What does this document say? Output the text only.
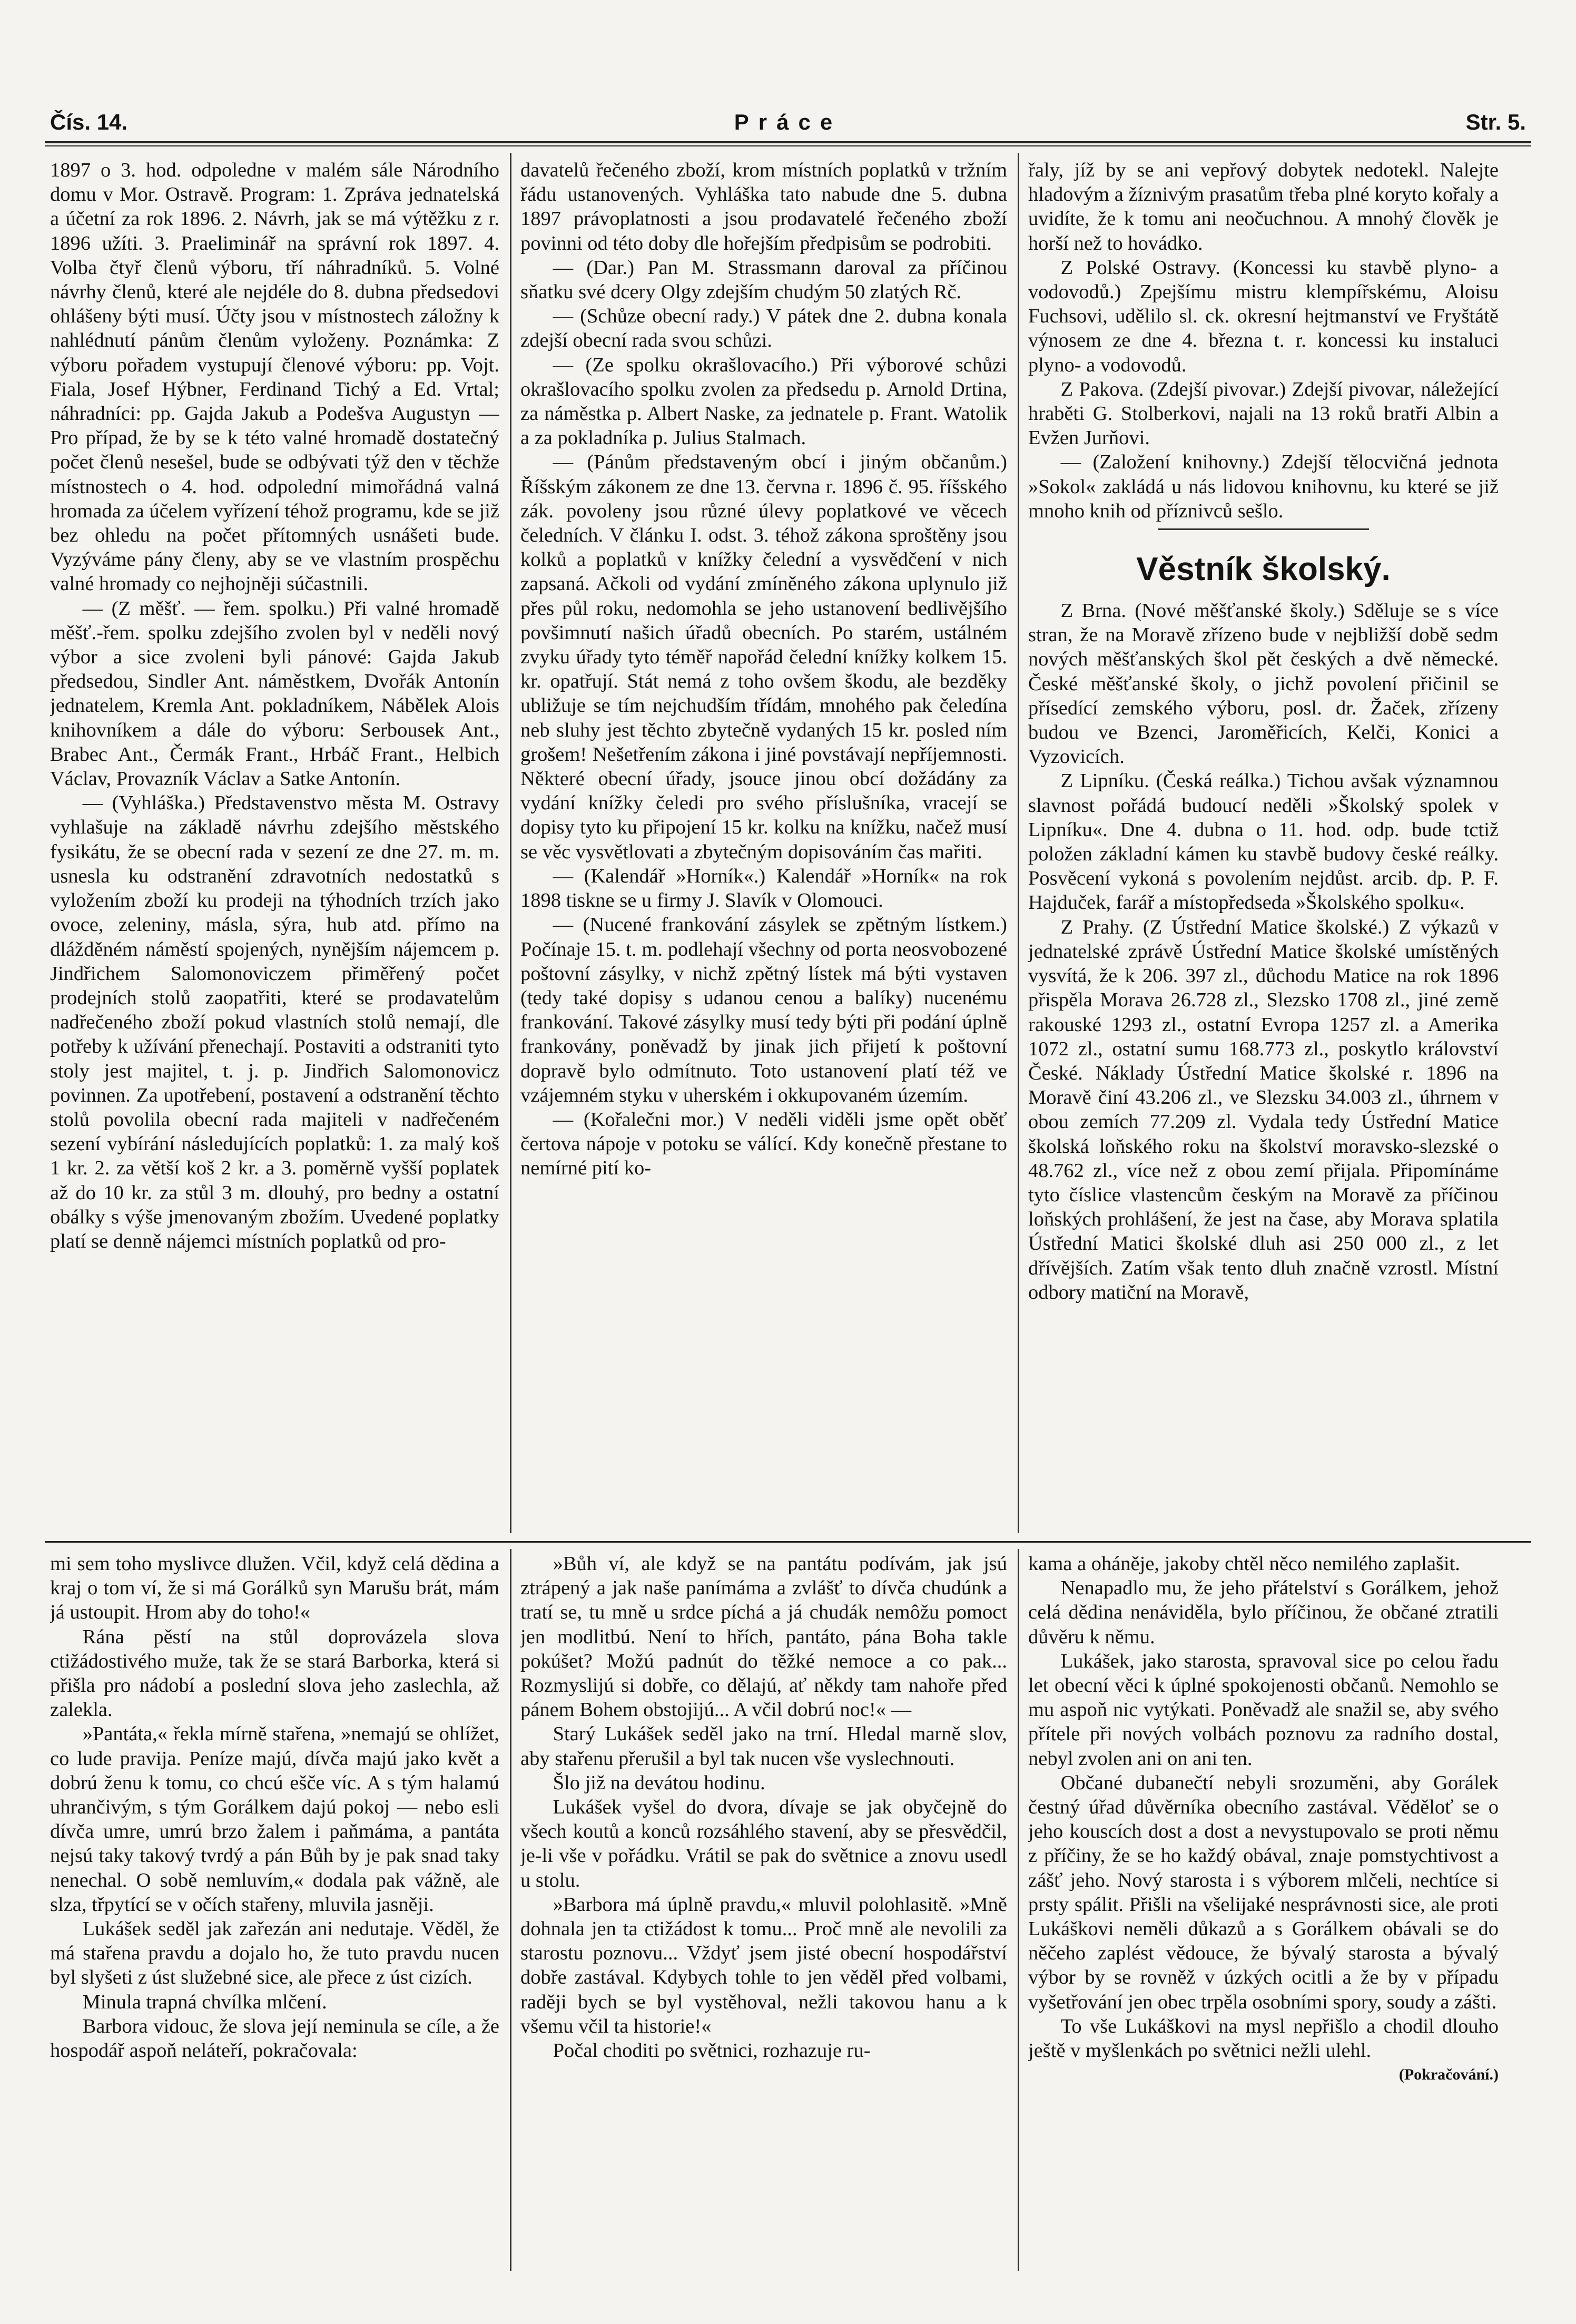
Čís. 14.	Práce	Str. 5.

1897 o 3. hod. odpoledne v malém sále Národního domu v Mor. Ostravě. Program: 1. Zpráva jednatelská a účetní za rok 1896. 2. Návrh, jak se má výtěžku z r. 1896 užíti. 3. Praeliminář na správní rok 1897. 4. Volba čtyř členů výboru, tří náhradníků. 5. Volné návrhy členů, které ale nejdéle do 8. dubna předsedovi ohlášeny býti musí. Účty jsou v místnostech záložny k nahlédnutí pánům členům vyloženy. Poznámka: Z výboru pořadem vystupují členové výboru: pp. Vojt. Fiala, Josef Hýbner, Ferdinand Tichý a Ed. Vrtal; náhradníci: pp. Gajda Jakub a Podešva Augustyn — Pro případ, že by se k této valné hromadě dostatečný počet členů nesešel, bude se odbývati týž den v těchže místnostech o 4. hod. odpolední mimořádná valná hromada za účelem vyřízení téhož programu, kde se již bez ohledu na počet přítomných usnášeti bude. Vyzýváme pány členy, aby se ve vlastním prospěchu valné hromady co nejhojněji súčastnili.

— (Z měšť. — řem. spolku.) Při valné hromadě měšť.-řem. spolku zdejšího zvolen byl v neděli nový výbor a sice zvoleni byli pánové: Gajda Jakub předsedou, Sindler Ant. náměstkem, Dvořák Antonín jednatelem, Kremla Ant. pokladníkem, Nábělek Alois knihovníkem a dále do výboru: Serbousek Ant., Brabec Ant., Čermák Frant., Hrbáč Frant., Helbich Václav, Provazník Václav a Satke Antonín.

— (Vyhláška.) Představenstvo města M. Ostravy vyhlašuje na základě návrhu zdejšího městského fysikátu, že se obecní rada v sezení ze dne 27. m. m. usnesla ku odstranění zdravotních nedostatků s vyložením zboží ku prodeji na týhodních trzích jako ovoce, zeleniny, másla, sýra, hub atd. přímo na dlážděném náměstí spojených, nynějším nájemcem p. Jindřichem Salomonoviczem přiměřený počet prodejních stolů zaopatřiti, které se prodavatelům nadřečeného zboží pokud vlastních stolů nemají, dle potřeby k užívání přenechají. Postaviti a odstraniti tyto stoly jest majitel, t. j. p. Jindřich Salomonovicz povinnen. Za upotřebení, postavení a odstranění těchto stolů povolila obecní rada majiteli v nadřečeném sezení vybírání následujících poplatků: 1. za malý koš 1 kr. 2. za větší koš 2 kr. a 3. poměrně vyšší poplatek až do 10 kr. za stůl 3 m. dlouhý, pro bedny a ostatní obálky s výše jmenovaným zbožím. Uvedené poplatky platí se denně nájemci místních poplatků od pro-

davatelů řečeného zboží, krom místních poplatků v tržním řádu ustanovených. Vyhláška tato nabude dne 5. dubna 1897 právoplatnosti a jsou prodavatelé řečeného zboží povinni od této doby dle hořejším předpisům se podrobiti.

— (Dar.) Pan M. Strassmann daroval za příčinou sňatku své dcery Olgy zdejším chudým 50 zlatých Rč.

— (Schůze obecní rady.) V pátek dne 2. dubna konala zdejší obecní rada svou schůzi.

— (Ze spolku okrašlovacího.) Při výborové schůzi okrašlovacího spolku zvolen za předsedu p. Arnold Drtina, za náměstka p. Albert Naske, za jednatele p. Frant. Watolik a za pokladníka p. Julius Stalmach.

— (Pánům představeným obcí i jiným občanům.) Říšským zákonem ze dne 13. června r. 1896 č. 95. říšského zák. povoleny jsou různé úlevy poplatkové ve věcech čeledních. V článku I. odst. 3. téhož zákona sproštěny jsou kolků a poplatků v knížky čelední a vysvědčení v nich zapsaná. Ačkoli od vydání zmíněného zákona uplynulo již přes půl roku, nedomohla se jeho ustanovení bedlivějšího povšimnutí našich úřadů obecních. Po starém, ustálném zvyku úřady tyto téměř napořád čelední knížky kolkem 15. kr. opatřují. Stát nemá z toho ovšem škodu, ale bezděky ubližuje se tím nejchudším třídám, mnohého pak čeledína neb sluhy jest těchto zbytečně vydaných 15 kr. posled ním grošem! Nešetřením zákona i jiné povstávají nepříjemnosti. Některé obecní úřady, jsouce jinou obcí dožádány za vydání knížky čeledi pro svého příslušníka, vracejí se dopisy tyto ku připojení 15 kr. kolku na knížku, načež musí se věc vysvětlovati a zbytečným dopisováním čas mařiti.

— (Kalendář »Horník«.) Kalendář »Horník« na rok 1898 tiskne se u firmy J. Slavík v Olomouci.

— (Nucené frankování zásylek se zpětným lístkem.) Počínaje 15. t. m. podlehají všechny od porta neosvobozené poštovní zásylky, v nichž zpětný lístek má býti vystaven (tedy také dopisy s udanou cenou a balíky) nucenému frankování. Takové zásylky musí tedy býti při podání úplně frankovány, poněvadž by jinak jich přijetí k poštovní dopravě bylo odmítnuto. Toto ustanovení platí též ve vzájemném styku v uherském i okkupovaném územím.

— (Kořalečni mor.) V neděli viděli jsme opět oběť čertova nápoje v potoku se válící. Kdy konečně přestane to nemírné pití ko-

řaly, jíž by se ani vepřový dobytek nedotekl. Nalejte hladovým a žíznivým prasatům třeba plné koryto kořaly a uvidíte, že k tomu ani neočuchnou. A mnohý člověk je horší než to hovádko.

Z Polské Ostravy. (Koncessi ku stavbě plyno- a vodovodů.) Zpejšímu mistru klempířskému, Aloisu Fuchsovi, udělilo sl. ck. okresní hejtmanství ve Fryštátě výnosem ze dne 4. března t. r. koncessi ku instaluci plyno- a vodovodů.

Z Pakova. (Zdejší pivovar.) Zdejší pivovar, náležející hraběti G. Stolberkovi, najali na 13 roků bratři Albin a Evžen Jurňovi.

— (Založení knihovny.) Zdejší tělocvičná jednota »Sokol« zakládá u nás lidovou knihovnu, ku které se již mnoho knih od příznivců sešlo.

Věstník školský.

Z Brna. (Nové měšťanské školy.) Sděluje se s více stran, že na Moravě zřízeno bude v nejbližší době sedm nových měšťanských škol pět českých a dvě německé. České měšťanské školy, o jichž povolení přičinil se přísedící zemského výboru, posl. dr. Žaček, zřízeny budou ve Bzenci, Jaroměřicích, Kelči, Konici a Vyzovicích.

Z Lipníku. (Česká reálka.) Tichou avšak významnou slavnost pořádá budoucí neděli »Školský spolek v Lipníku«. Dne 4. dubna o 11. hod. odp. bude tctiž položen základní kámen ku stavbě budovy české reálky. Posvěcení vykoná s povolením nejdůst. arcib. dp. P. F. Hajduček, farář a místopředseda »Školského spolku«.

Z Prahy. (Z Ústřední Matice školské.) Z výkazů v jednatelské zprávě Ústřední Matice školské umístěných vysvítá, že k 206. 397 zl., důchodu Matice na rok 1896 přispěla Morava 26.728 zl., Slezsko 1708 zl., jiné země rakouské 1293 zl., ostatní Evropa 1257 zl. a Amerika 1072 zl., ostatní sumu 168.773 zl., poskytlo království České. Náklady Ústřední Matice školské r. 1896 na Moravě činí 43.206 zl., ve Slezsku 34.003 zl., úhrnem v obou zemích 77.209 zl. Vydala tedy Ústřední Matice školská loňského roku na školství moravsko-slezské o 48.762 zl., více než z obou zemí přijala. Připomínáme tyto číslice vlastencům českým na Moravě za příčinou loňských prohlášení, že jest na čase, aby Morava splatila Ústřední Matici školské dluh asi 250 000 zl., z let dřívějších. Zatím však tento dluh značně vzrostl. Místní odbory matiční na Moravě,

mi sem toho myslivce dlužen. Včil, když celá dědina a kraj o tom ví, že si má Gorálků syn Marušu brát, mám já ustoupit. Hrom aby do toho!«

Rána pěstí na stůl doprovázela slova ctižádostivého muže, tak že se stará Barborka, která si přišla pro nádobí a poslední slova jeho zaslechla, až zalekla.

»Pantáta,« řekla mírně stařena, »nemajú se ohlížet, co lude pravija. Peníze majú, dívča majú jako květ a dobrú ženu k tomu, co chcú ešče víc. A s tým halamú uhrančivým, s tým Gorálkem dajú pokoj — nebo esli dívča umre, umrú brzo žalem i paňmáma, a pantáta nejsú taky takový tvrdý a pán Bůh by je pak snad taky nenechal. O sobě nemluvím,« dodala pak vážně, ale slza, třpytící se v očích stařeny, mluvila jasněji.

Lukášek seděl jak zařezán ani nedutaje. Věděl, že má stařena pravdu a dojalo ho, že tuto pravdu nucen byl slyšeti z úst služebné sice, ale přece z úst cizích.

Minula trapná chvílka mlčení.

Barbora vidouc, že slova její neminula se cíle, a že hospodář aspoň neláteří, pokračovala:

»Bůh ví, ale když se na pantátu podívám, jak jsú ztrápený a jak naše panímáma a zvlášť to dívča chudúnk a tratí se, tu mně u srdce píchá a já chudák nemôžu pomoct jen modlitbú. Není to hřích, pantáto, pána Boha takle pokúšet? Možú padnút do těžké nemoce a co pak... Rozmyslijú si dobře, co dělajú, ať někdy tam nahoře před pánem Bohem obstojijú... A včil dobrú noc!« —

Starý Lukášek seděl jako na trní. Hledal marně slov, aby stařenu přerušil a byl tak nucen vše vyslechnouti.

Šlo již na devátou hodinu.

Lukášek vyšel do dvora, dívaje se jak obyčejně do všech koutů a konců rozsáhlého stavení, aby se přesvědčil, je-li vše v pořádku. Vrátil se pak do světnice a znovu usedl u stolu.

»Barbora má úplně pravdu,« mluvil polohlasitě. »Mně dohnala jen ta ctižádost k tomu... Proč mně ale nevolili za starostu poznovu... Vždyť jsem jisté obecní hospodářství dobře zastával. Kdybych tohle to jen věděl před volbami, raději bych se byl vystěhoval, nežli takovou hanu a k všemu včil ta historie!«

Počal choditi po světnici, rozhazuje ru-

kama a oháněje, jakoby chtěl něco nemilého zaplašit.

Nenapadlo mu, že jeho přátelství s Gorálkem, jehož celá dědina nenáviděla, bylo příčinou, že občané ztratili důvěru k němu.

Lukášek, jako starosta, spravoval sice po celou řadu let obecní věci k úplné spokojenosti občanů. Nemohlo se mu aspoň nic vytýkati. Poněvadž ale snažil se, aby svého přítele při nových volbách poznovu za radního dostal, nebyl zvolen ani on ani ten.

Občané dubanečtí nebyli srozuměni, aby Gorálek čestný úřad důvěrníka obecního zastával. Věděloť se o jeho kouscích dost a dost a nevystupovalo se proti němu z příčiny, že se ho každý obával, znaje pomstychtivost a zášť jeho. Nový starosta i s výborem mlčeli, nechtíce si prsty spálit. Přišli na všelijaké nesprávnosti sice, ale proti Lukáškovi neměli důkazů a s Gorálkem obávali se do něčeho zaplést vědouce, že bývalý starosta a bývalý výbor by se rovněž v úzkých ocitli a že by v případu vyšetřování jen obec trpěla osobními spory, soudy a zášti.

To vše Lukáškovi na mysl nepřišlo a chodil dlouho ještě v myšlenkách po světnici nežli ulehl.

(Pokračování.)
